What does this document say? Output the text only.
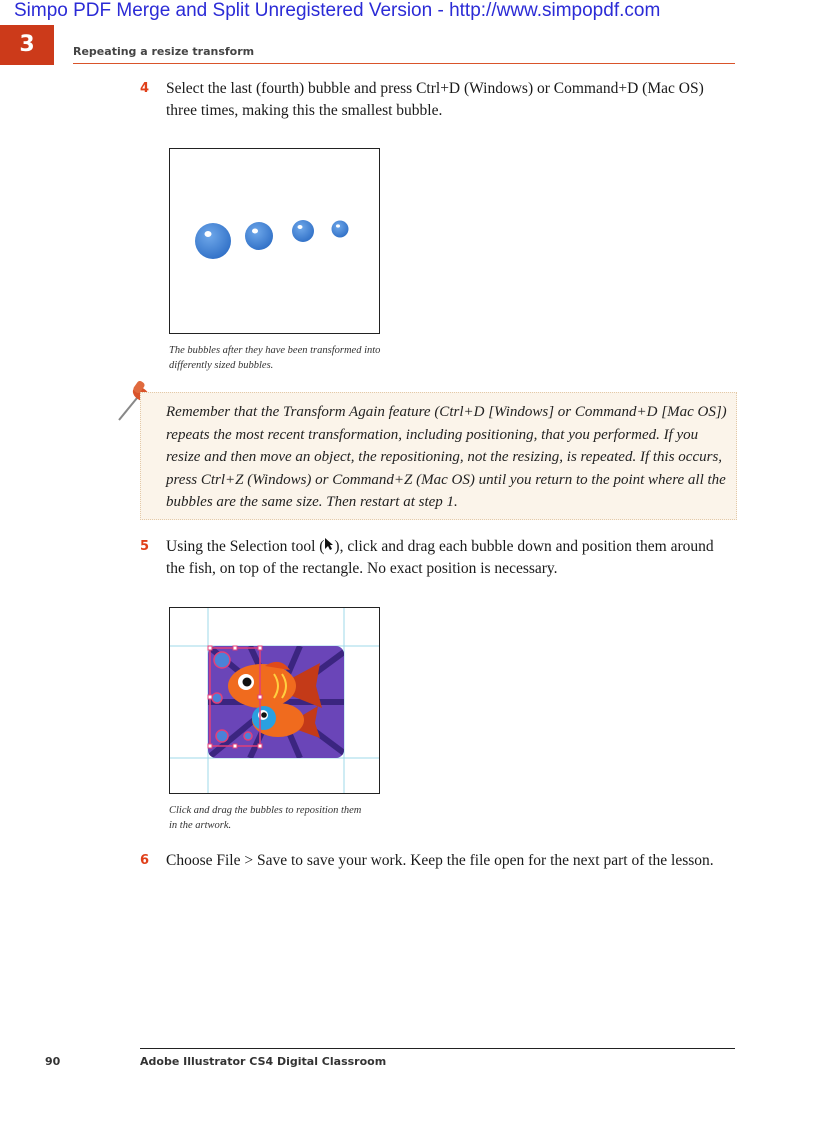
Simpo PDF Merge and Split Unregistered Version - http://www.simpopdf.com
3	Repeating a resize transform
4 Select the last (fourth) bubble and press Ctrl+D (Windows) or Command+D (Mac OS) three times, making this the smallest bubble.
The bubbles after they have been transformed into
differently sized bubbles.
Remember that the Transform Again feature (Ctrl+D [Windows] or Command+D [Mac OS]) repeats the most recent transformation, including positioning, that you performed. If you resize and then move an object, the repositioning, not the resizing, is repeated. If this occurs, press Ctrl+Z (Windows) or Command+Z (Mac OS) until you return to the point where all the bubbles are the same size. Then restart at step 1.
5 Using the Selection tool ( ), click and drag each bubble down and position them around the fish, on top of the rectangle. No exact position is necessary.
Click and drag the bubbles to reposition them
in the artwork.
6 Choose File > Save to save your work. Keep the file open for the next part of the lesson.
90	Adobe Illustrator CS4 Digital Classroom
